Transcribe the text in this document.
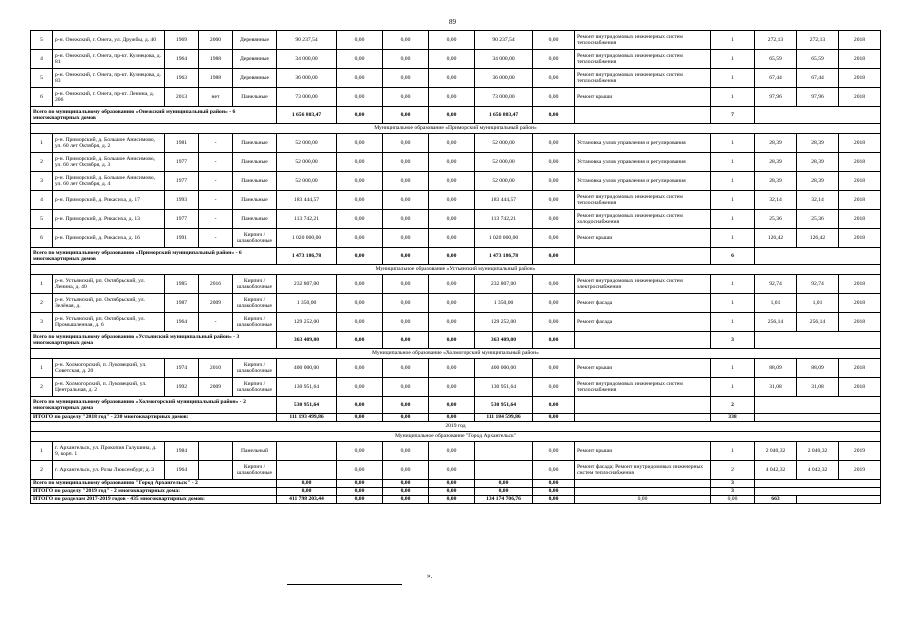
89
5	р-н. Онежский, г. Онега, ул. Дружбы, д. 40	1969	2000	Деревянные	90 237,54	0,00	0,00	0,00	90 237,54	0,00	Ремонт внутридомовых инженерных систем теплоснабжения	1	272,13	272,13	2018
4	р-н. Онежский, г. Онега, пр-кт. Кузнецова, д. 81	1964	1988	Деревянные	34 000,00	0,00	0,00	0,00	34 000,00	0,00	Ремонт внутридомовых инженерных систем теплоснабжения	1	65,59	65,59	2018
5	р-н. Онежский, г. Онега, пр-кт. Кузнецова, д. 83	1963	1988	Деревянные	36 000,00	0,00	0,00	0,00	36 000,00	0,00	Ремонт внутридомовых инженерных систем теплоснабжения	1	67,44	67,44	2018
6	р-н. Онежский, г. Онега, пр-кт. Ленина, д. 206	2013	нет	Панельные	73 000,00	0,00	0,00	0,00	73 000,00	0,00	Ремонт крыши	1	97,96	97,96	2018
Всего по муниципальному образованию «Онежский муниципальный район» - 6 многоквартирных домов					1 656 803,47	0,00	0,00	0,00	1 656 803,47	0,00		7			
Муниципальное образование «Приморский муниципальный район»															
1	р-н. Приморский, д. Большое Анисимово, ул. 60 лет Октября, д. 2	1981	-	Панельные	52 000,00	0,00	0,00	0,00	52 000,00	0,00	Установка узлов управления и регулирования	1	28,39	28,39	2018
2	р-н. Приморский, д. Большое Анисимово, ул. 60 лет Октября, д. 3	1977	-	Панельные	52 000,00	0,00	0,00	0,00	52 000,00	0,00	Установка узлов управления и регулирования	1	28,39	28,39	2018
3	р-н. Приморский, д. Большое Анисимово, ул. 60 лет Октября, д. 4	1977	-	Панельные	52 000,00	0,00	0,00	0,00	52 000,00	0,00	Установка узлов управления и регулирования	1	28,39	28,39	2018
4	р-н. Приморский, д. Рикасиха, д. 17	1993	-	Панельные	183 444,57	0,00	0,00	0,00	183 444,57	0,00	Ремонт внутридомовых инженерных систем теплоснабжения	1	32,14	32,14	2018
5	р-н. Приморский, д. Рикасиха, д. 13	1977	-	Панельные	113 742,21	0,00	0,00	0,00	113 742,21	0,00	Ремонт внутридомовых инженерных систем холодоснабжения	1	25,36	25,36	2018
6	р-н. Приморский, д. Рикасиха, д. 16	1991	-	Кирпич / шлакоблочные	1 020 000,00	0,00	0,00	0,00	1 020 000,00	0,00	Ремонт крыши	1	126,42	126,42	2018
Всего по муниципальному образованию «Приморский муниципальный район» - 6 многоквартирных домов					1 473 186,78	0,00	0,00	0,00	1 473 186,78	0,00		6			
Муниципальное образование «Устьянский муниципальный район»															
1	р-н. Устьянский, рп. Октябрьский, ул. Ленина, д. 40	1985	2016	Кирпич / шлакоблочные	232 807,00	0,00	0,00	0,00	232 807,00	0,00	Ремонт внутридомовых инженерных систем электроснабжения	1	92,74	92,74	2018
2	р-н. Устьянский, рп. Октябрьский, ул. Зелёная, д.	1987	2009	Кирпич / шлакоблочные	1 350,00	0,00	0,00	0,00	1 350,00	0,00	Ремонт фасада	1	1,01	1,01	2018
3	р-н. Устьянский, рп. Октябрьский, ул. Промышленная, д. 6	1964	-	Кирпич / шлакоблочные	129 252,00	0,00	0,00	0,00	129 252,00	0,00	Ремонт фасада	1	256,14	256,14	2018
Всего по муниципальному образованию «Устьянский муниципальный район» - 3 многоквартирных дома					363 409,00	0,00	0,00	0,00	363 409,00	0,00		3			
Муниципальное образование «Холмогорский муниципальный район»															
1	р-н. Холмогорский, п. Луковецкий, ул. Советская, д. 20	1974	2010	Кирпич / шлакоблочные	400 000,00	0,00	0,00	0,00	400 000,00	0,00	Ремонт крыши	1	88,09	88,09	2018
2	р-н. Холмогорский, п. Луковецкий, ул. Центральная, д. 2	1992	2009	Кирпич / шлакоблочные	130 951,64	0,00	0,00	0,00	130 951,64	0,00	Ремонт внутридомовых инженерных систем теплоснабжения	1	31,08	31,08	2018
Всего по муниципальному образованию «Холмогорский муниципальный район» - 2 многоквартирных дома					530 951,64	0,00	0,00	0,00	530 951,64	0,00		2			
ИТОГО по разделу "2018 год" - 230 многоквартирных домов:					111 193 499,86	0,00	0,00	0,00	111 184 599,86	0,00		338			
2019 год															
Муниципальное образование "Город Архангельск"															
1	г. Архангельск, ул. Прокопия Галушина, д. 9, корп. 1	1984		Панельный		0,00	0,00	0,00		0,00	Ремонт крыши	1	2 040,32	2 040,32	2019
2	г. Архангельск, ул. Розы Люксембург, д. 3	1964		Кирпич / шлакоблочные		0,00	0,00	0,00		0,00	Ремонт фасада; Ремонт внутридомовых инженерных систем теплоснабжения	2	4 042,32	4 042,32	2019
Всего по муниципальному образованию "Город Архангельск" - 2					0,00	0,00	0,00	0,00	0,00	0,00		3			
ИТОГО по разделу "2019 год" - 2 многоквартирных дома:					0,00	0,00	0,00	0,00	0,00	0,00		3			
ИТОГО по разделам 2017-2019 годов - 435 многоквартирных домов:					411 798 203,44	0,00	0,00	0,00	134 174 706,76	0,00	0,00	0,00	663		
».
